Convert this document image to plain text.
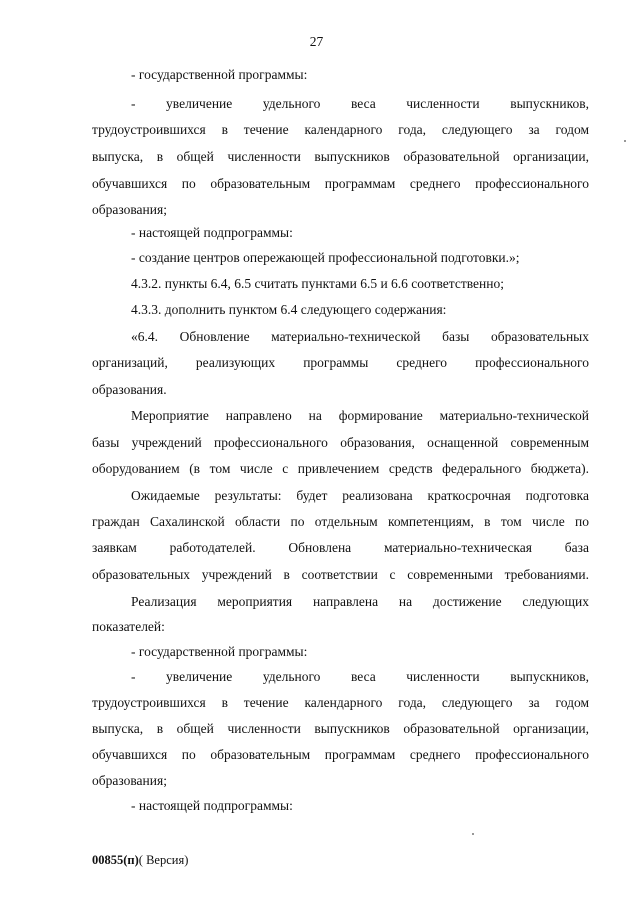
27
- государственной программы:
- увеличение удельного веса численности выпускников,
трудоустроившихся в течение календарного года, следующего за годом
выпуска, в общей численности выпускников образовательной организации,
обучавшихся по образовательным программам среднего профессионального
образования;
- настоящей подпрограммы:
- создание центров опережающей профессиональной подготовки.»;
4.3.2. пункты 6.4, 6.5 считать пунктами 6.5 и 6.6 соответственно;
4.3.3. дополнить пунктом 6.4 следующего содержания:
«6.4. Обновление материально-технической базы образовательных
организаций, реализующих программы среднего профессионального
образования.
Мероприятие направлено на формирование материально-технической
базы учреждений профессионального образования, оснащенной современным
оборудованием (в том числе с привлечением средств федерального бюджета).
Ожидаемые результаты: будет реализована краткосрочная подготовка
граждан Сахалинской области по отдельным компетенциям, в том числе по
заявкам работодателей. Обновлена материально-техническая база
образовательных учреждений в соответствии с современными требованиями.
Реализация мероприятия направлена на достижение следующих
показателей:
- государственной программы:
- увеличение удельного веса численности выпускников,
трудоустроившихся в течение календарного года, следующего за годом
выпуска, в общей численности выпускников образовательной организации,
обучавшихся по образовательным программам среднего профессионального
образования;
- настоящей подпрограммы:
00855(п)( Версия)
